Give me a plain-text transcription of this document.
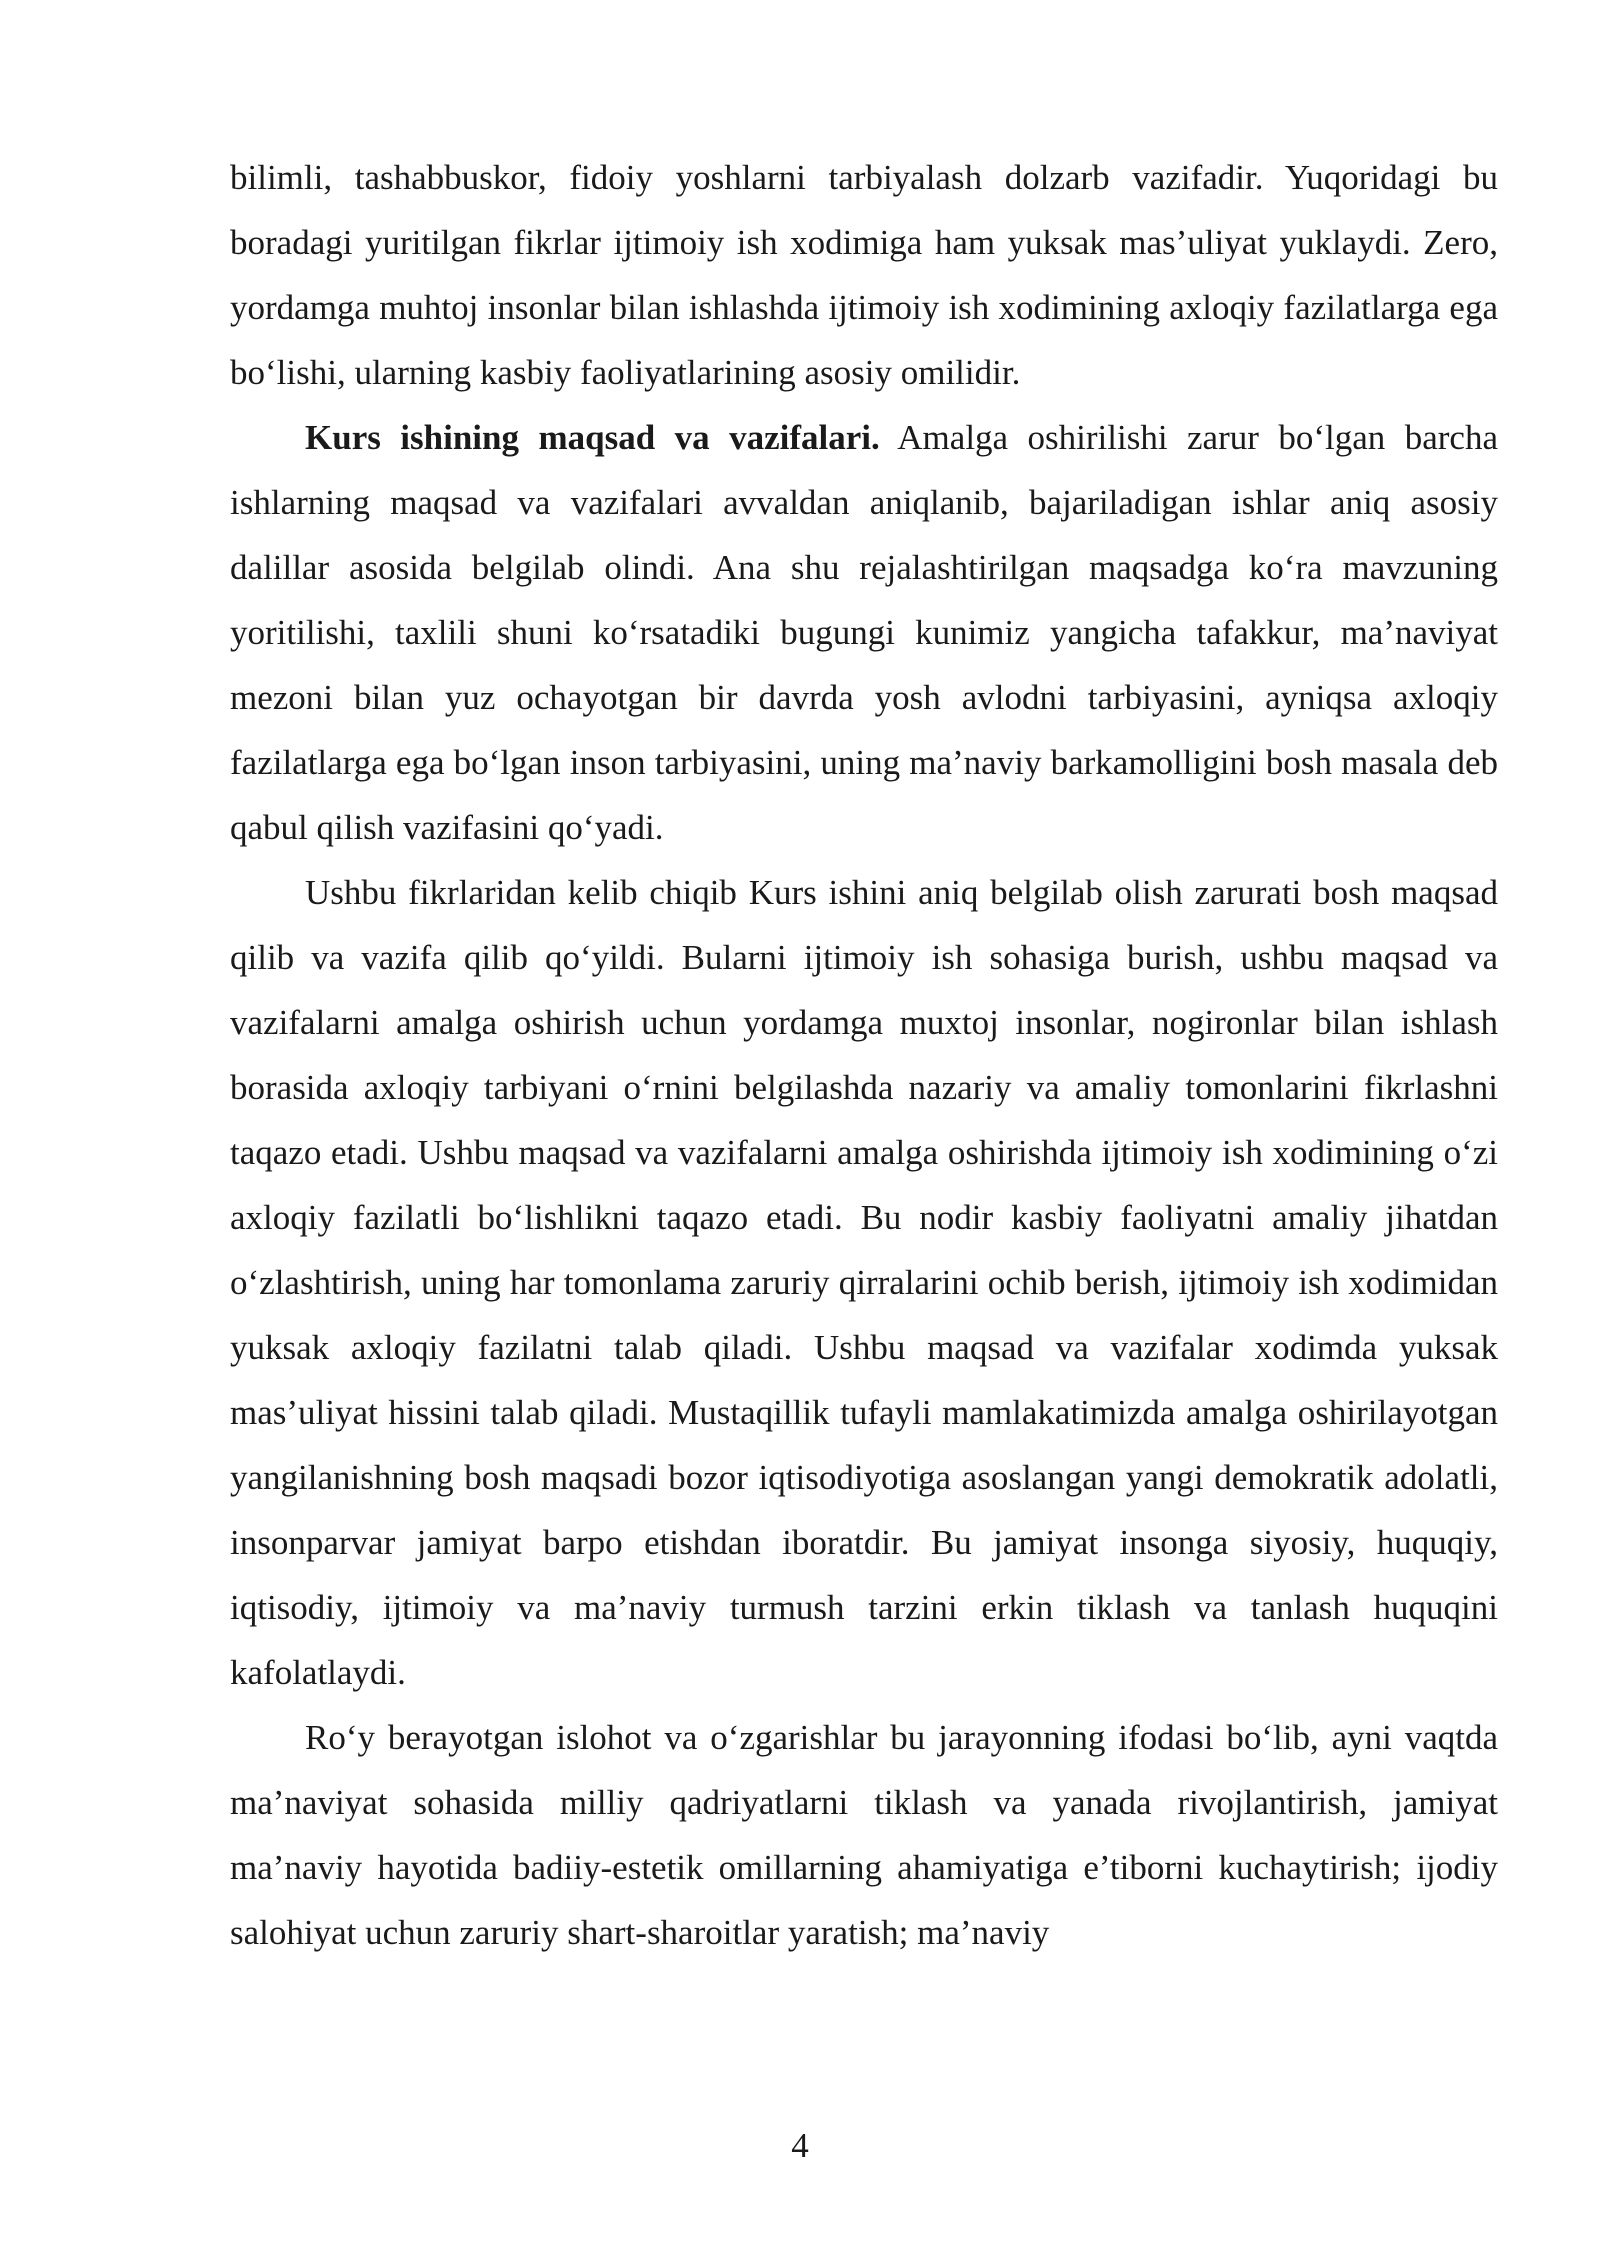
bilimli, tashabbuskor, fidoiy yoshlarni tarbiyalash dolzarb vazifadir. Yuqoridagi bu boradagi yuritilgan fikrlar ijtimoiy ish xodimiga ham yuksak mas’uliyat yuklaydi. Zero, yordamga muhtoj insonlar bilan ishlashda ijtimoiy ish xodimining axloqiy fazilatlarga ega bo‘lishi, ularning kasbiy faoliyatlarining asosiy omilidir.

Kurs ishining maqsad va vazifalari. Amalga oshirilishi zarur bo‘lgan barcha ishlarning maqsad va vazifalari avvaldan aniqlanib, bajariladigan ishlar aniq asosiy dalillar asosida belgilab olindi. Ana shu rejalashtirilgan maqsadga ko‘ra mavzuning yoritilishi, taxlili shuni ko‘rsatadiki bugungi kunimiz yangicha tafakkur, ma’naviyat mezoni bilan yuz ochayotgan bir davrda yosh avlodni tarbiyasini, ayniqsa axloqiy fazilatlarga ega bo‘lgan inson tarbiyasini, uning ma’naviy barkamolligini bosh masala deb qabul qilish vazifasini qo‘yadi.

Ushbu fikrlaridan kelib chiqib Kurs ishini aniq belgilab olish zarurati bosh maqsad qilib va vazifa qilib qo‘yildi. Bularni ijtimoiy ish sohasiga burish, ushbu maqsad va vazifalarni amalga oshirish uchun yordamga muxtoj insonlar, nogironlar bilan ishlash borasida axloqiy tarbiyani o‘rnini belgilashda nazariy va amaliy tomonlarini fikrlashni taqazo etadi. Ushbu maqsad va vazifalarni amalga oshirishda ijtimoiy ish xodimining o‘zi axloqiy fazilatli bo‘lishlikni taqazo etadi. Bu nodir kasbiy faoliyatni amaliy jihatdan o‘zlashtirish, uning har tomonlama zaruriy qirralarini ochib berish, ijtimoiy ish xodimidan yuksak axloqiy fazilatni talab qiladi. Ushbu maqsad va vazifalar xodimda yuksak mas’uliyat hissini talab qiladi. Mustaqillik tufayli mamlakatimizda amalga oshirilayotgan yangilanishning bosh maqsadi bozor iqtisodiyotiga asoslangan yangi demokratik adolatli, insonparvar jamiyat barpo etishdan iboratdir. Bu jamiyat insonga siyosiy, huquqiy, iqtisodiy, ijtimoiy va ma’naviy turmush tarzini erkin tiklash va tanlash huquqini kafolatlaydi.

Ro‘y berayotgan islohot va o‘zgarishlar bu jarayonning ifodasi bo‘lib, ayni vaqtda ma’naviyat sohasida milliy qadriyatlarni tiklash va yanada rivojlantirish, jamiyat ma’naviy hayotida badiiy-estetik omillarning ahamiyatiga e’tiborni kuchaytirish; ijodiy salohiyat uchun zaruriy shart-sharoitlar yaratish; ma’naviy

4
